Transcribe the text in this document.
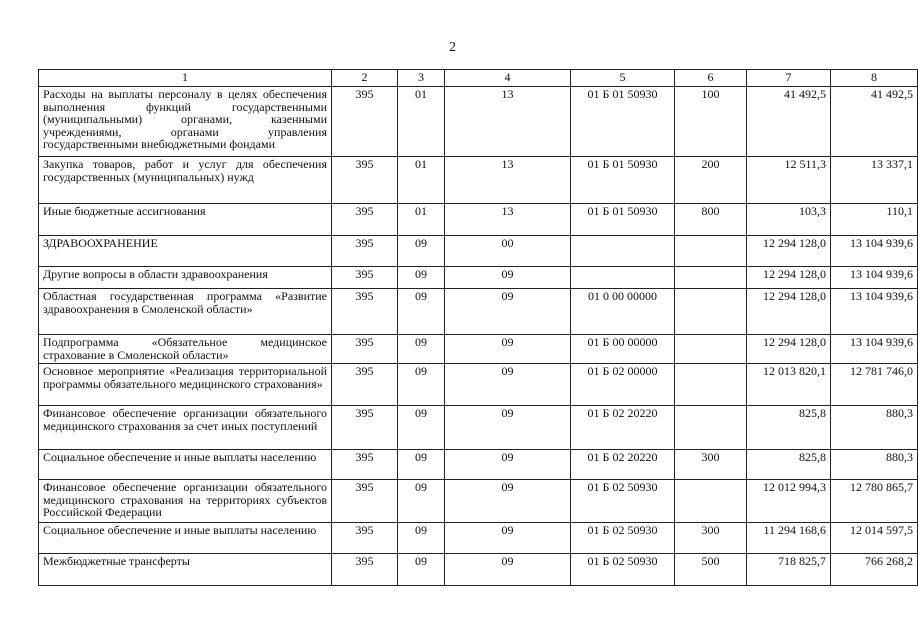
2
1	2	3	4	5	6	7	8
Расходы на выплаты персоналу в целях обеспечения выполнения функций государственными (муниципальными) органами, казенными учреждениями, органами управления государственными внебюджетными фондами	395	01	13	01 Б 01 50930	100	41 492,5	41 492,5
Закупка товаров, работ и услуг для обеспечения государственных (муниципальных) нужд	395	01	13	01 Б 01 50930	200	12 511,3	13 337,1
Иные бюджетные ассигнования	395	01	13	01 Б 01 50930	800	103,3	110,1
ЗДРАВООХРАНЕНИЕ	395	09	00			12 294 128,0	13 104 939,6
Другие вопросы в области здравоохранения	395	09	09			12 294 128,0	13 104 939,6
Областная государственная программа «Развитие здравоохранения в Смоленской области»	395	09	09	01 0 00 00000		12 294 128,0	13 104 939,6
Подпрограмма «Обязательное медицинское страхование в Смоленской области»	395	09	09	01 Б 00 00000		12 294 128,0	13 104 939,6
Основное мероприятие «Реализация территориальной программы обязательного медицинского страхования»	395	09	09	01 Б 02 00000		12 013 820,1	12 781 746,0
Финансовое обеспечение организации обязательного медицинского страхования за счет иных поступлений	395	09	09	01 Б 02 20220		825,8	880,3
Социальное обеспечение и иные выплаты населению	395	09	09	01 Б 02 20220	300	825,8	880,3
Финансовое обеспечение организации обязательного медицинского страхования на территориях субъектов Российской Федерации	395	09	09	01 Б 02 50930		12 012 994,3	12 780 865,7
Социальное обеспечение и иные выплаты населению	395	09	09	01 Б 02 50930	300	11 294 168,6	12 014 597,5
Межбюджетные трансферты	395	09	09	01 Б 02 50930	500	718 825,7	766 268,2
